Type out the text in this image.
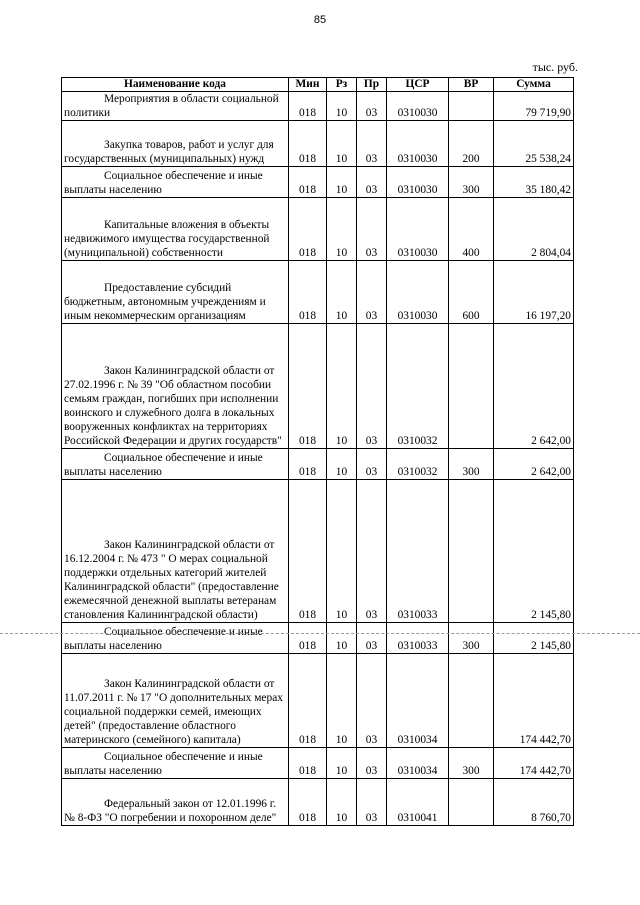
85
тыс. руб.
Наименование кода	Мин	Рз	Пр	ЦСР	ВР	Сумма
Мероприятия в области социальной политики	018	10	03	0310030		79 719,90
Закупка товаров, работ и услуг для государственных (муниципальных) нужд	018	10	03	0310030	200	25 538,24
Социальное обеспечение и иные выплаты населению	018	10	03	0310030	300	35 180,42
Капитальные вложения в объекты недвижимого имущества государственной (муниципальной) собственности	018	10	03	0310030	400	2 804,04
Предоставление субсидий бюджетным, автономным учреждениям и иным некоммерческим организациям	018	10	03	0310030	600	16 197,20
Закон Калининградской области от 27.02.1996 г. № 39 "Об областном пособии семьям граждан, погибших при исполнении воинского и служебного долга в локальных вооруженных конфликтах на территориях Российской Федерации и других государств"	018	10	03	0310032		2 642,00
Социальное обеспечение и иные выплаты населению	018	10	03	0310032	300	2 642,00
Закон Калининградской области от 16.12.2004 г. № 473 " О мерах социальной поддержки отдельных категорий жителей Калининградской области" (предоставление ежемесячной денежной выплаты ветеранам становления Калининградской области)	018	10	03	0310033		2 145,80
Социальное обеспечение и иные выплаты населению	018	10	03	0310033	300	2 145,80
Закон Калининградской области от 11.07.2011 г. № 17 "О дополнительных мерах социальной поддержки семей, имеющих детей" (предоставление областного материнского (семейного) капитала)	018	10	03	0310034		174 442,70
Социальное обеспечение и иные выплаты населению	018	10	03	0310034	300	174 442,70
Федеральный закон от 12.01.1996 г. № 8-ФЗ "О погребении и похоронном деле"	018	10	03	0310041		8 760,70
